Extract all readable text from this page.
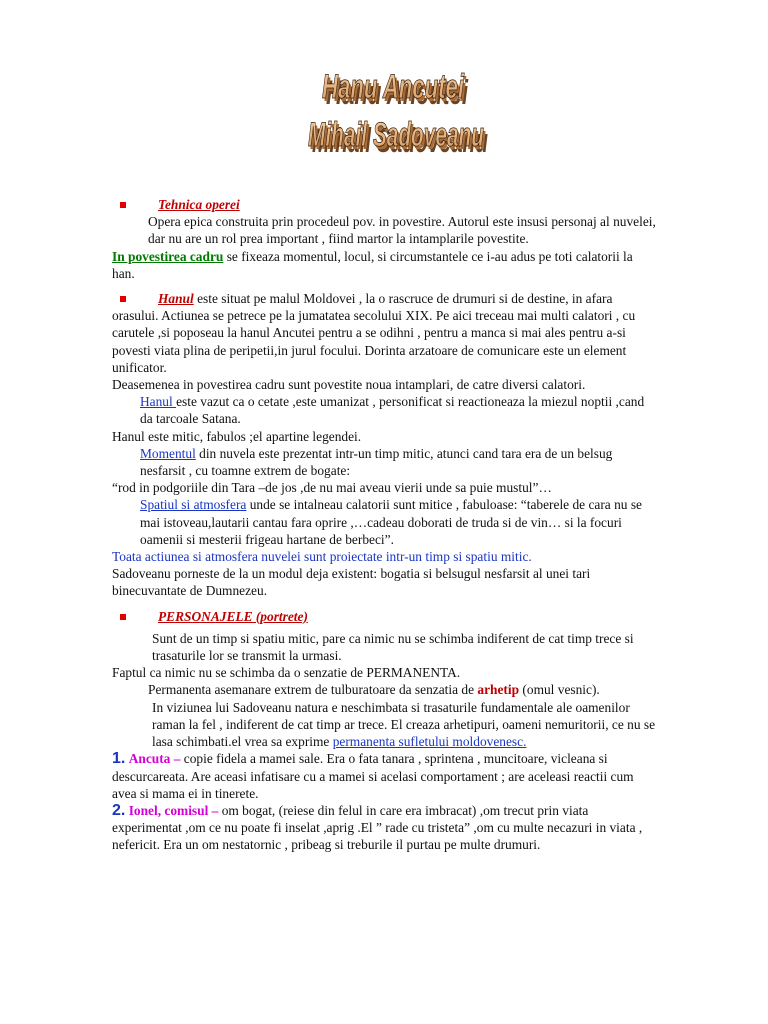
Hanu Ancutei
Hanu Ancutei
Hanu Ancutei
Mihail Sadoveanu
Mihail Sadoveanu
Mihail Sadoveanu
Tehnica operei

Opera epica construita prin procedeul pov. in povestire. Autorul este insusi personaj al nuvelei, dar nu are un rol prea important , fiind martor la intamplarile povestite.

In povestirea cadru se fixeaza momentul, locul, si circumstantele ce i-au adus pe toti calatorii la han.

Hanul este situat pe malul Moldovei , la o rascruce de drumuri si de destine, in afara orasului. Actiunea se petrece pe la jumatatea secolului XIX. Pe aici treceau mai multi calatori , cu carutele ,si poposeau la hanul Ancutei pentru a se odihni , pentru a manca si mai ales pentru a-si povesti viata plina de peripetii,in jurul focului. Dorinta arzatoare de comunicare este un element unificator.

Deasemenea in povestirea cadru sunt povestite noua intamplari, de catre diversi calatori.

Hanul este vazut ca o cetate ,este umanizat , personificat si reactioneaza la miezul noptii ,cand da tarcoale Satana.

Hanul este mitic, fabulos ;el apartine legendei.

Momentul din nuvela este prezentat intr-un timp mitic, atunci cand tara era de un belsug nesfarsit , cu toamne extrem de bogate:

“rod in podgoriile din Tara –de jos ,de nu mai aveau vierii unde sa puie mustul”…

Spatiul si atmosfera unde se intalneau calatorii sunt mitice , fabuloase: “taberele de cara nu se mai istoveau,lautarii cantau fara oprire ,…cadeau doborati de truda si de vin… si la focuri oamenii si mesterii frigeau hartane de berbeci”.

Toata actiunea si atmosfera nuvelei sunt proiectate intr-un timp si spatiu mitic.

Sadoveanu porneste de la un modul deja existent: bogatia si belsugul nesfarsit al unei tari binecuvantate de Dumnezeu.

PERSONAJELE (portrete)

Sunt de un timp si spatiu mitic, pare ca nimic nu se schimba indiferent de cat timp trece si trasaturile lor se transmit la urmasi.

Faptul ca nimic nu se schimba da o senzatie de PERMANENTA.

Permanenta asemanare extrem de tulburatoare da senzatia de arhetip (omul vesnic).

In viziunea lui Sadoveanu natura e neschimbata si trasaturile fundamentale ale oamenilor raman la fel , indiferent de cat timp ar trece. El creaza arhetipuri, oameni nemuritorii, ce nu se lasa schimbati.el vrea sa exprime permanenta sufletului moldovenesc.

1. Ancuta – copie fidela a mamei sale. Era o fata tanara , sprintena , muncitoare, vicleana si descurcareata. Are aceasi infatisare cu a mamei si acelasi comportament ; are aceleasi reactii cum avea si mama ei in tinerete.

2. Ionel, comisul – om bogat, (reiese din felul in care era imbracat) ,om trecut prin viata experimentat ,om ce nu poate fi inselat ,aprig .El ” rade cu tristeta” ,om cu multe necazuri in viata , nefericit. Era un om nestatornic , pribeag si treburile il purtau pe multe drumuri.
